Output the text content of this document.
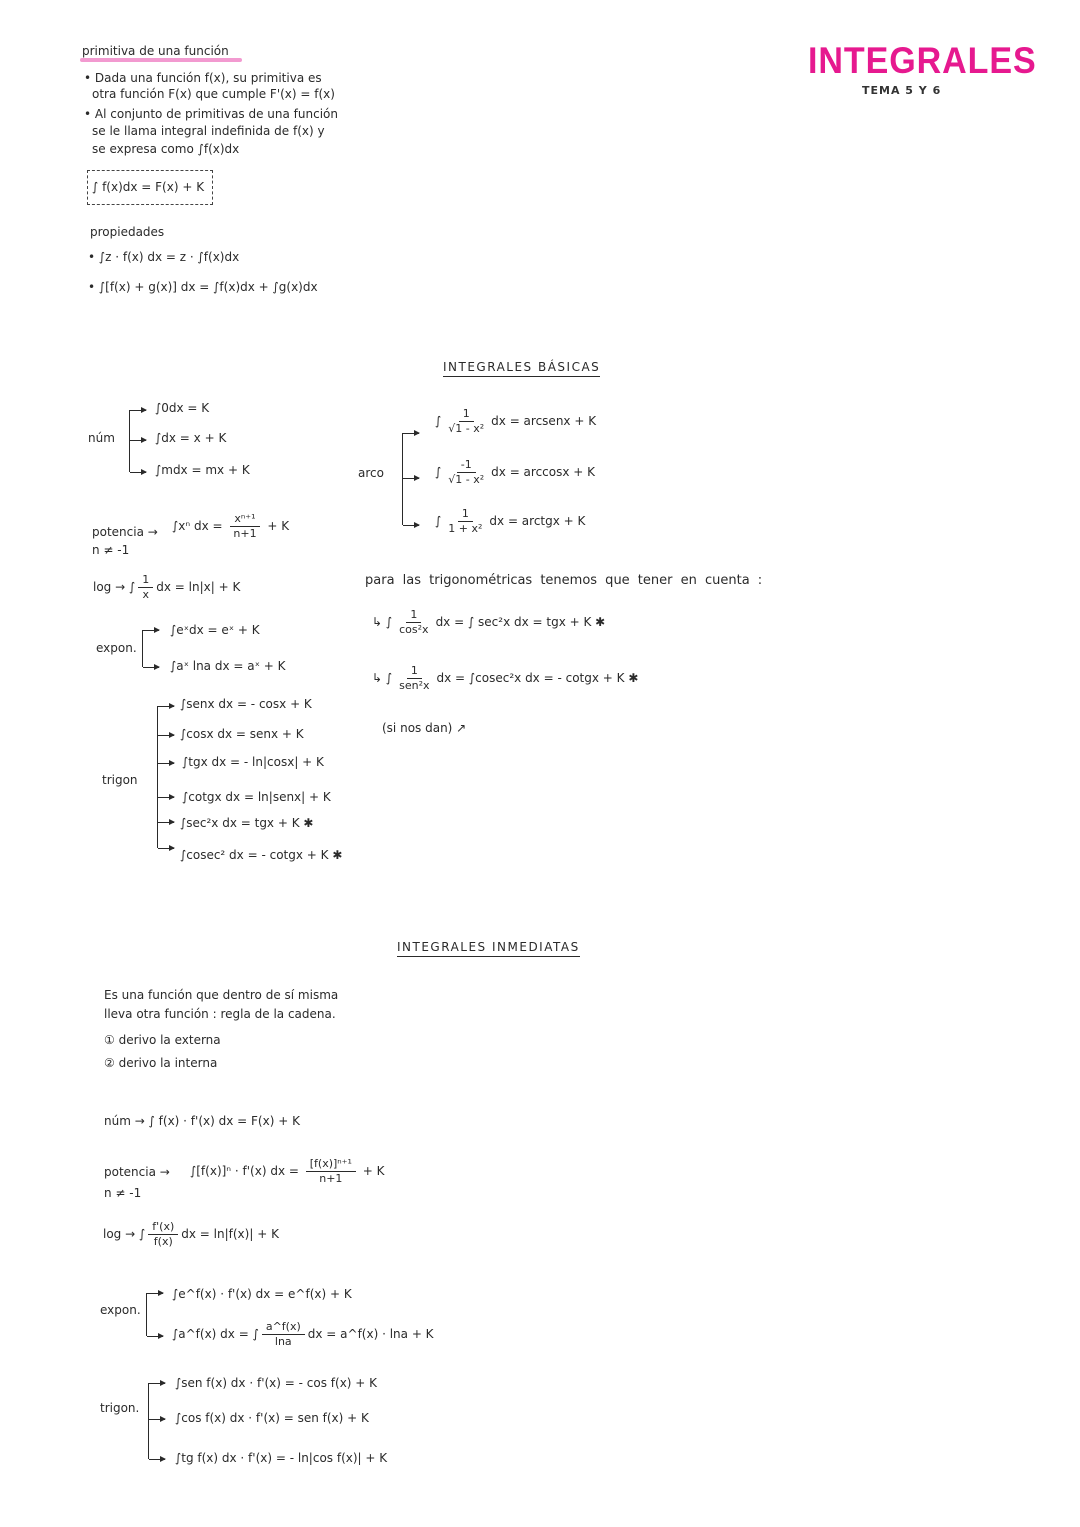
INTEGRALES
TEMA 5 Y 6
primitiva de una función
• Dada una función f(x), su primitiva es
otra función F(x) que cumple F'(x) = f(x)
• Al conjunto de primitivas de una función
se le llama integral indefinida de f(x) y
se expresa como ∫f(x)dx
∫ f(x)dx = F(x) + K
propiedades
• ∫z · f(x) dx = z · ∫f(x)dx
• ∫[f(x) + g(x)] dx = ∫f(x)dx + ∫g(x)dx
INTEGRALES BÁSICAS
núm
∫0dx = K
∫dx = x + K
∫mdx = mx + K
potencia →
n ≠ -1
∫xⁿ dx = $\frac{\text{xⁿ⁺¹}}{n+1} + K$
log → ∫ $\frac{1}{x}$ dx = ln|x| + K
expon.
∫eˣdx = eˣ + K
∫aˣ lna dx = aˣ + K
trigon
∫senx dx = - cosx + K
∫cosx dx = senx + K
∫tgx dx = - ln|cosx| + K
∫cotgx dx = ln|senx| + K
∫sec²x dx = tgx + K ✱
∫cosec² dx = - cotgx + K ✱
arco
∫ $\frac{1}{\text{√1 - x²}}$ dx = arcsenx + K
∫ $\frac{-1}{\text{√1 - x²}}$ dx = arccosx + K
∫ $\frac{1}{\text{1 + x²}}$ dx = arctgx + K
para las trigonométricas tenemos que tener en cuenta :
↳ ∫ $\frac{1}{\text{cos²x}}$ dx = ∫ sec²x dx = tgx + K ✱
↳ ∫ $\frac{1}{\text{sen²x}}$ dx = ∫cosec²x dx = - cotgx + K ✱
(si nos dan) ↗
INTEGRALES INMEDIATAS
Es una función que dentro de sí misma
lleva otra función : regla de la cadena.
① derivo la externa
② derivo la interna
núm → ∫ f(x) · f'(x) dx = F(x) + K
potencia →
n ≠ -1
∫[f(x)]ⁿ · f'(x) dx = $\frac{\text{[f(x)]ⁿ⁺¹}}{n+1} + K$
log → ∫ $\frac{f'(x)}{f(x)}$ dx = ln|f(x)| + K
expon.
∫e^f(x) · f'(x) dx = e^f(x) + K
∫a^f(x) dx = ∫ $\frac{a\^{}f(x)}{\ln a}$ dx = a^f(x) · lna + K
trigon.
∫sen f(x) dx · f'(x) = - cos f(x) + K
∫cos f(x) dx · f'(x) = sen f(x) + K
∫tg f(x) dx · f'(x) = - ln|cos f(x)| + K
